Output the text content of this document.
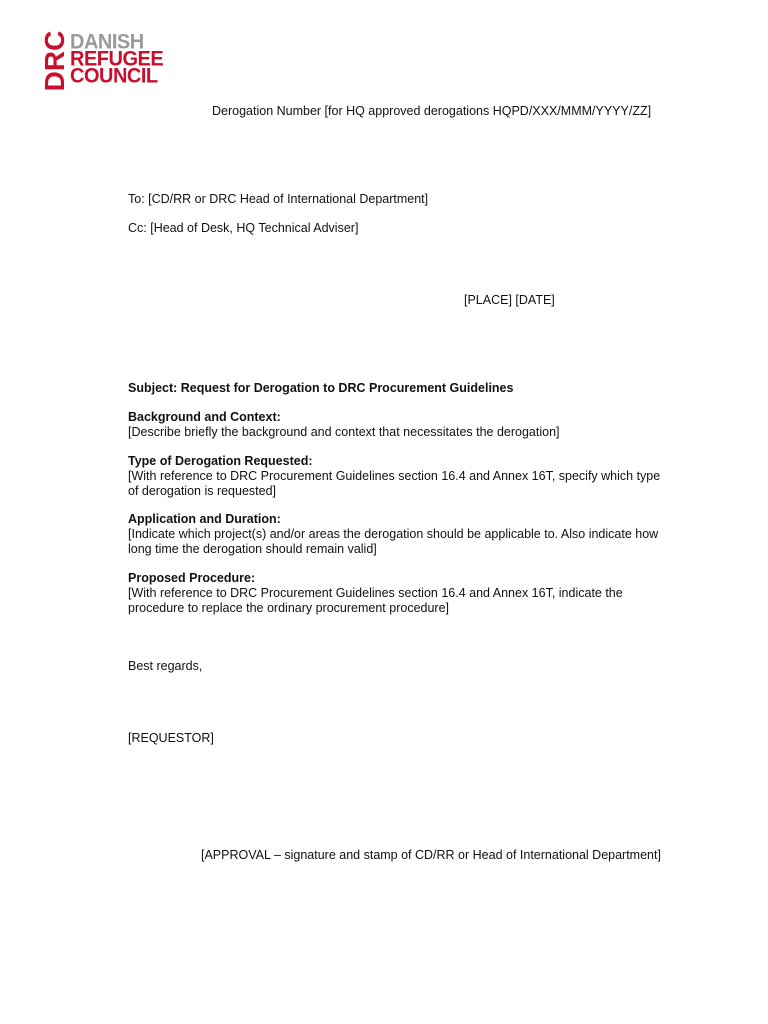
DRC DANISH
REFUGEE
COUNCIL
Derogation Number [for HQ approved derogations HQPD/XXX/MMM/YYYY/ZZ]
To: [CD/RR or DRC Head of International Department]
Cc: [Head of Desk, HQ Technical Adviser]
[PLACE] [DATE]
Subject: Request for Derogation to DRC Procurement Guidelines
Background and Context:
[Describe briefly the background and context that necessitates the derogation]
Type of Derogation Requested:
[With reference to DRC Procurement Guidelines section 16.4 and Annex 16T, specify which type of derogation is requested]
Application and Duration:
[Indicate which project(s) and/or areas the derogation should be applicable to. Also indicate how long time the derogation should remain valid]
Proposed Procedure:
[With reference to DRC Procurement Guidelines section 16.4 and Annex 16T, indicate the procedure to replace the ordinary procurement procedure]
Best regards,
[REQUESTOR]
[APPROVAL – signature and stamp of CD/RR or Head of International Department]
